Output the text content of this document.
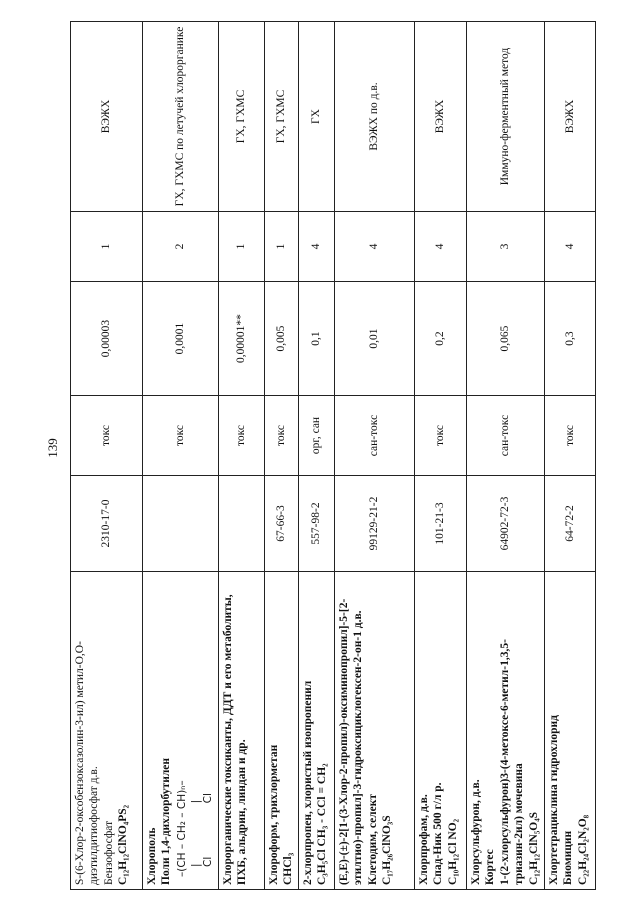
139
S-(6-Хлор-2-оксобензоксазолин-3-ил) метил-О,О-диэтилдитиофосфат д.в. Бензофосфат C₁₂H₁₂ClNO₄PS₂	2310-17-0	токс	0,00003	1	ВЭЖХ

Хлорополь Поли 1,4-дихлорбутилен –(CH – CH₂ – CH)ₙ– |                  |
Cl                Cl		токс	0,0001	2	ГХ, ГХМС по летучей хлорорганике

Хлорорганические токсиканты, ДДТ и его метаболиты, ПХБ, альдрин, линдан и др.		токс	0,00001**	1	ГХ, ГХМС

Хлороформ, трихлорметан CHCl₃	67-66-3	токс	0,005	1	ГХ, ГХМС

2-хлорпропен, хлористый изопропенил C₃H₅Cl CH₃ - CCl = CH₂	557-98-2	орг, сан	0,1	4	ГХ

(E,E)-(±)-2[1-(3-Хлор-2-пропил)-оксиминопропил]-5-[2-этилтио)-пропил]-3-гидроксициклогексен-2-он-1 д.в. Клетодим, селект C₁₇H₂₆ClNO₃S	99129-21-2	сан-токс	0,01	4	ВЭЖХ по д.в.

Хлорпрофам, д.в. Спад-Ник 500 г/л р. C₁₀H₁₂Cl NO₂	101-21-3	токс	0,2	4	ВЭЖХ

Хлорсульфурон, д.в. Кортес 1-(2-хлорсульфурон)3-(4-метоксе-6-метил-1,3,5-триазин-2ил) мочевина C₁₂H₁₂ClN₅O₄S	64902-72-3	сан-токс	0,065	3	Иммуно-ферментный метод

Хлортетрациклина гидрохлорид Биомицин C₂₂H₂₄Cl₂N₂O₈	64-72-2	токс	0,3	4	ВЭЖХ
